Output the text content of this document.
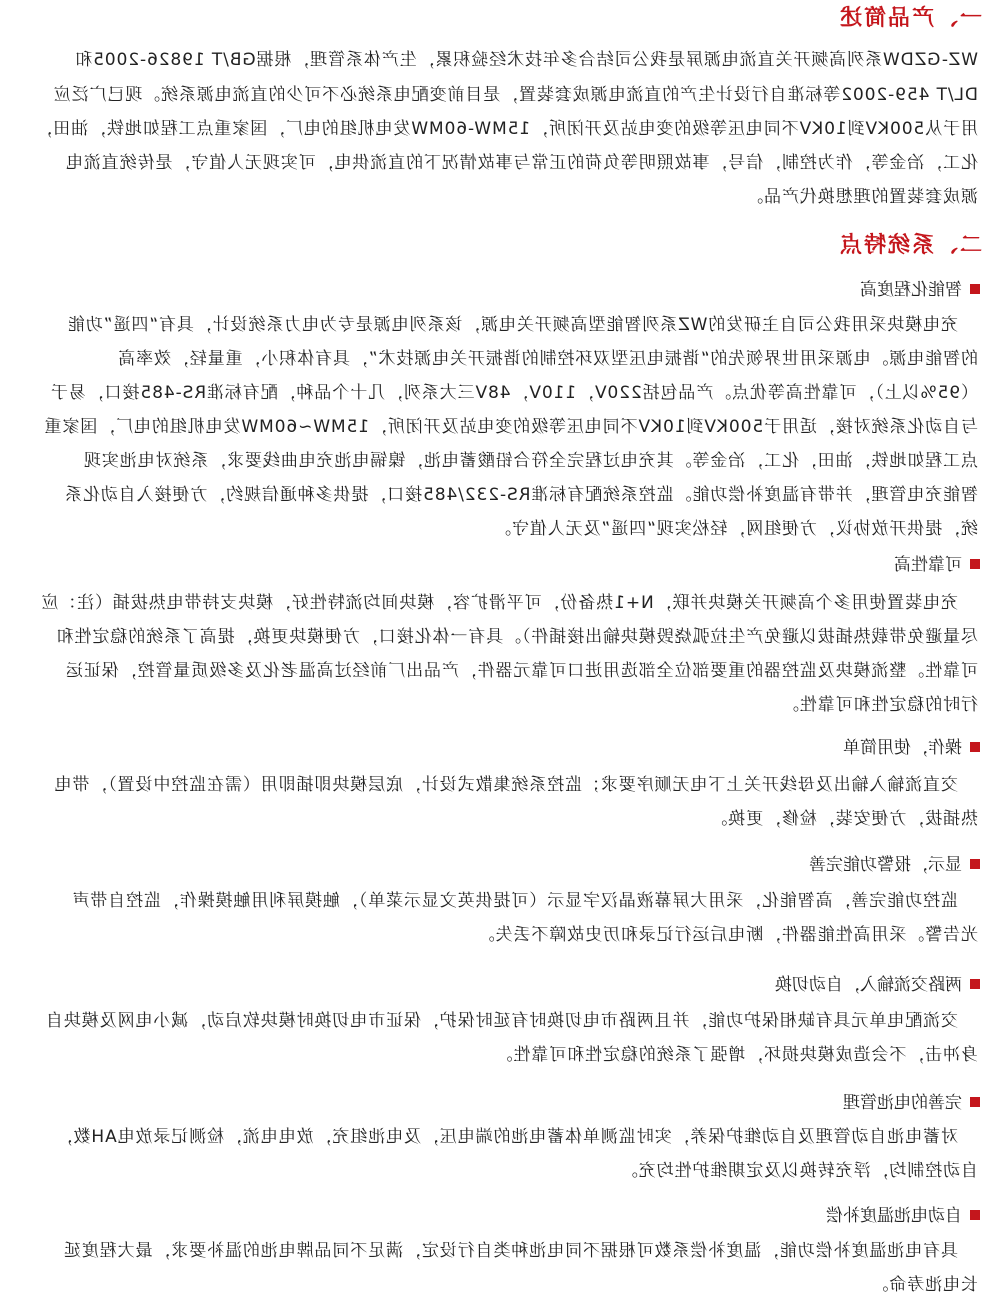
一、产品简述
WZ-GZDW系列高频开关直流电源屏是我公司结合多年技术经验积累，生产体系管理，根据GB/T 19826-2005和
DL/T 459-2002等标准自行设计生产的直流电源成套装置，是目前变配电系统必不可少的直流电源系统。现已广泛应
用于从500KV到10KV不同电压等级的变电站及开闭所，15MW-60MW发电机组的电厂，国家重点工程如地铁，油田，
化工，冶金等，作为控制，信号，事故照明等负荷的正常与事故情况下的直流供电，可实现无人值守，是传统直流电
源成套装置的理想换代产品。
二、系统特点
智能化程度高
充电模块采用我公司自主研发的WZ系列智能型高频开关电源，该系列电源是专为电力系统设计，具有“四遥”功能
的智能电源。电源采用世界领先的“谐振电压型双环控制的谐振开关电源技术”，具有体积小，重量轻，效率高
（95%以上），可靠性高等优点。产品包括220V，110V，48V三大系列，几十个品种，配有标准RS-485接口，易于
与自动化系统对接，适用于500KV到10KV不同电压等级的变电站及开闭所，15MW~60MW发电机组的电厂，国家重
点工程如地铁，油田，化工，冶金等。其充电过程完全符合铅酸蓄电池，镍镉电池充电曲线要求，系统对电池实现
智能充电管理，并带有温度补偿功能。监控系统配有标准RS-232/485接口，提供多种通信规约，方便接入自动化系
统，提供开放协议，方便组网，轻松实现“四遥”及无人值守。
可靠性高
充电装置使用多个高频开关模块并联，N+1热备份，可平滑扩容，模块间均流特性好，模块支持带电热拔插（注：应
尽量避免带载热插拔以避免产生拉弧烧毁模块输出接插件）。具有一体化接口，方便模块更换，提高了系统的稳定性和
可靠性。整流模块及监控器的重要部位全部选用进口可靠元器件，产品出厂前经过高温老化及多级质量管控，保证运
行时的稳定性和可靠性。
操作，使用简单
交直流输入输出及母线开关上下电无顺序要求；监控系统集散式设计，底层模块即插即用（需在监控中设置），带电
热插拔，方便安装，检修，更换。
显示，报警功能完善
监控功能完善，高智能化，采用大屏幕液晶汉字显示（可提供英文显示菜单），触摸屏利用触摸操作，监控自带声
光告警。采用高性能器件，断电后运行记录和历史故障不丢失。
两路交流输入，自动切换
交流配电单元具有缺相保护功能，并且两路市电切换时有延时保护，保证市电切换时模块软启动，减小电网及模块自
身冲击，不会造成模块损坏，增强了系统的稳定性和可靠性。
完善的电池管理
对蓄电池自动管理及自动维护保养，实时监测单体蓄电池的端电压，及电池组充，放电电流，检测记录放电AH数，
自动控制均，浮充转换以及定期维护性均充。
自动电池温度补偿
具有电池温度补偿功能，温度补偿系数可根据不同电池种类自行设定，满足不同品牌电池的温补要求，最大程度延
长电池寿命。
